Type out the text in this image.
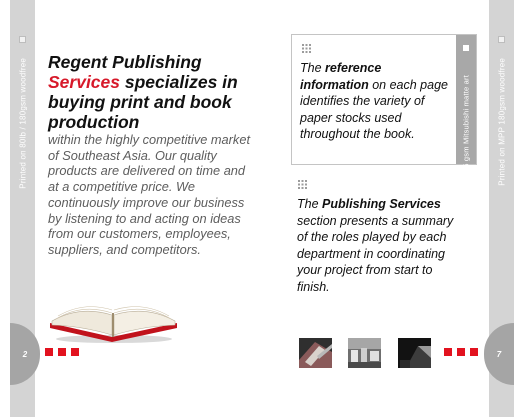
Printed on 80lb / 180gsm woodfree	Printed on MPP 180gsm woodfree
2	7
Regent Publishing Services specializes in buying print and book production

within the highly competitive market of Southeast Asia. Our quality products are delivered on time and at a competitive price. We continuously improve our business by listening to and acting on ideas from our customers, employees, suppliers, and competitors.

The reference information on each page identifies the variety of paper stocks used throughout the book.	Printed on 105 gsm Mitsubishi matte art

The Publishing Services section presents a summary of the roles played by each department in coordinating your project from start to finish.
